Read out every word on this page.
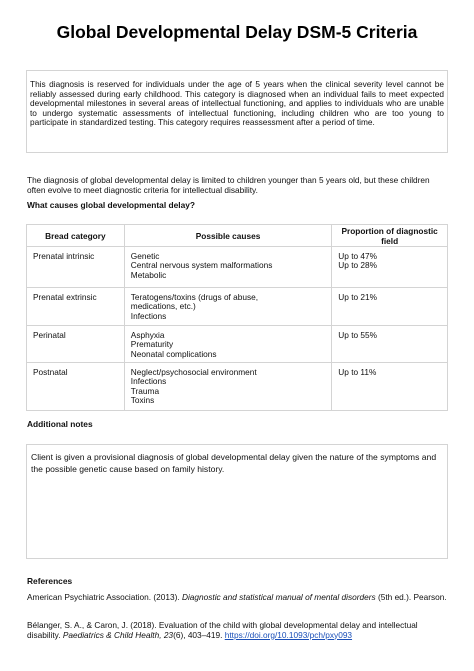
Global Developmental Delay DSM-5 Criteria

This diagnosis is reserved for individuals under the age of 5 years when the clinical severity level cannot be reliably assessed during early childhood. This category is diagnosed when an individual fails to meet expected developmental milestones in several areas of intellectual functioning, and applies to individuals who are unable to undergo systematic assessments of intellectual functioning, including children who are too young to participate in standardized testing. This category requires reassessment after a period of time.

The diagnosis of global developmental delay is limited to children younger than 5 years old, but these children often evolve to meet diagnostic criteria for intellectual disability.

What causes global developmental delay?
Bread category	Possible causes	Proportion of diagnostic field
Prenatal intrinsic	Genetic
Central nervous system malformations
Metabolic	Up to 47%
Up to 28%

Prenatal extrinsic	Teratogens/toxins (drugs of abuse,
medications, etc.)
Infections	Up to 21%

Perinatal	Asphyxia
Prematurity
Neonatal complications	Up to 55%

Postnatal	Neglect/psychosocial environment
Infections
Trauma
Toxins	Up to 11%
Additional notes

Client is given a provisional diagnosis of global developmental delay given the nature of the symptoms and the possible genetic cause based on family history.

References

American Psychiatric Association. (2013). Diagnostic and statistical manual of mental disorders (5th ed.). Pearson.

Bélanger, S. A., & Caron, J. (2018). Evaluation of the child with global developmental delay and intellectual disability. Paediatrics & Child Health, 23(6), 403–419. https://doi.org/10.1093/pch/pxy093
